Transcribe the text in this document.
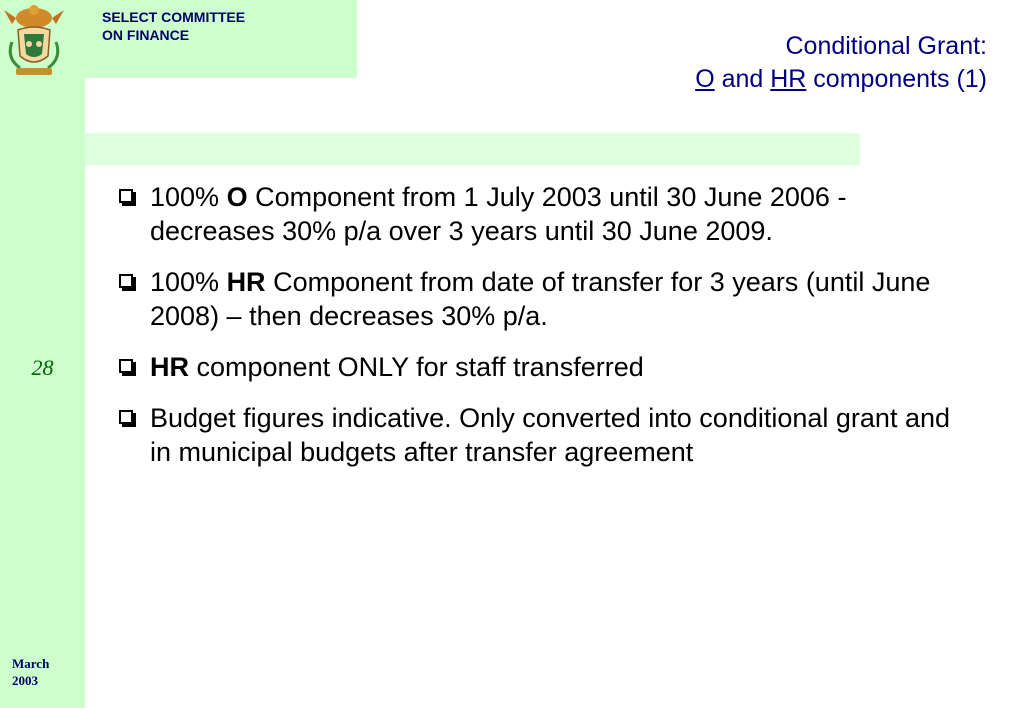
SELECT COMMITTEE
ON FINANCE	Conditional Grant:
O and HR components (1)
100% O Component from 1 July 2003 until 30 June 2006 - decreases 30% p/a over 3 years until 30 June 2009.
100% HR Component from date of transfer for 3 years (until June 2008) – then decreases 30% p/a.
HR component ONLY for staff transferred
Budget figures indicative. Only converted into conditional grant and in municipal budgets after transfer agreement
28
March
2003
